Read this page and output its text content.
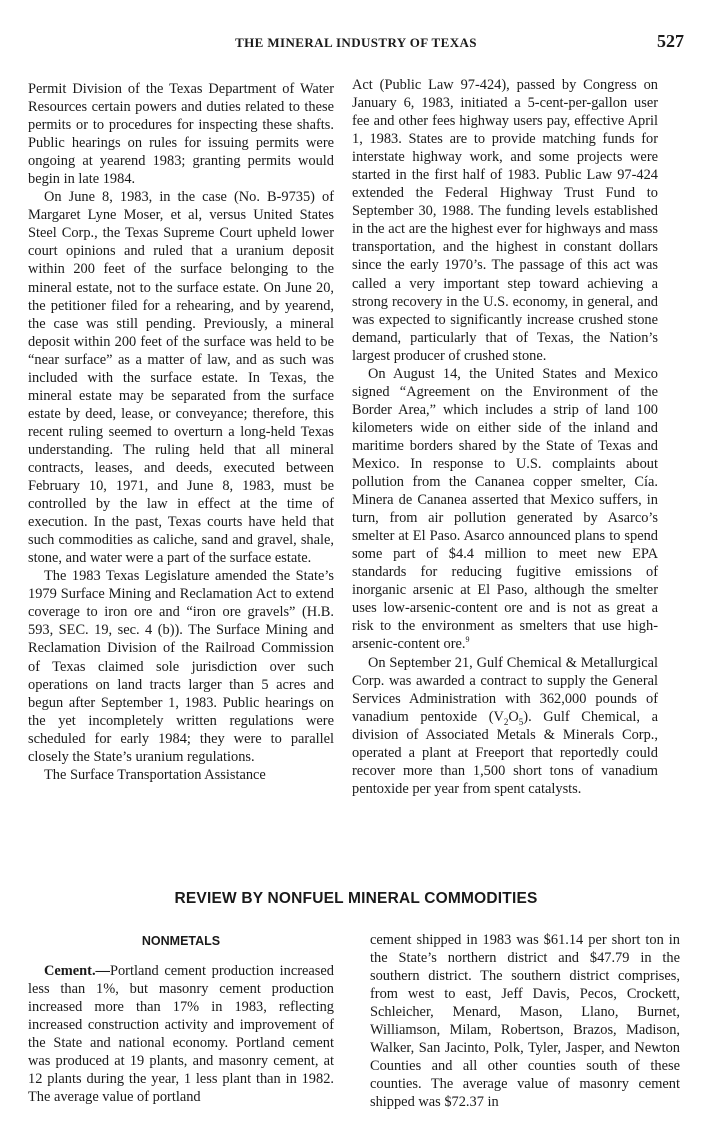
THE MINERAL INDUSTRY OF TEXAS	527

Permit Division of the Texas Department of Water Resources certain powers and duties related to these permits or to procedures for inspecting these shafts. Public hearings on rules for issuing permits were ongoing at yearend 1983; granting permits would begin in late 1984.

On June 8, 1983, in the case (No. B-9735) of Margaret Lyne Moser, et al, versus United States Steel Corp., the Texas Supreme Court upheld lower court opinions and ruled that a uranium deposit within 200 feet of the surface belonging to the mineral estate, not to the surface estate. On June 20, the petitioner filed for a rehearing, and by yearend, the case was still pending. Previously, a mineral deposit within 200 feet of the surface was held to be “near surface” as a matter of law, and as such was included with the surface estate. In Texas, the mineral estate may be separated from the surface estate by deed, lease, or conveyance; therefore, this recent ruling seemed to overturn a long-held Texas understanding. The ruling held that all mineral contracts, leases, and deeds, executed between February 10, 1971, and June 8, 1983, must be controlled by the law in effect at the time of execution. In the past, Texas courts have held that such commodities as caliche, sand and gravel, shale, stone, and water were a part of the surface estate.

The 1983 Texas Legislature amended the State’s 1979 Surface Mining and Reclamation Act to extend coverage to iron ore and “iron ore gravels” (H.B. 593, SEC. 19, sec. 4 (b)). The Surface Mining and Reclamation Division of the Railroad Commission of Texas claimed sole jurisdiction over such operations on land tracts larger than 5 acres and begun after September 1, 1983. Public hearings on the yet incompletely written regulations were scheduled for early 1984; they were to parallel closely the State’s uranium regulations.

The Surface Transportation Assistance

Act (Public Law 97-424), passed by Congress on January 6, 1983, initiated a 5-cent-per-gallon user fee and other fees highway users pay, effective April 1, 1983. States are to provide matching funds for interstate highway work, and some projects were started in the first half of 1983. Public Law 97-424 extended the Federal Highway Trust Fund to September 30, 1988. The funding levels established in the act are the highest ever for highways and mass transportation, and the highest in constant dollars since the early 1970’s. The passage of this act was called a very important step toward achieving a strong recovery in the U.S. economy, in general, and was expected to significantly increase crushed stone demand, particularly that of Texas, the Nation’s largest producer of crushed stone.

On August 14, the United States and Mexico signed “Agreement on the Environment of the Border Area,” which includes a strip of land 100 kilometers wide on either side of the inland and maritime borders shared by the State of Texas and Mexico. In response to U.S. complaints about pollution from the Cananea copper smelter, Cía. Minera de Cananea asserted that Mexico suffers, in turn, from air pollution generated by Asarco’s smelter at El Paso. Asarco announced plans to spend some part of $4.4 million to meet new EPA standards for reducing fugitive emissions of inorganic arsenic at El Paso, although the smelter uses low-arsenic-content ore and is not as great a risk to the environment as smelters that use high-arsenic-content ore.$^9$

On September 21, Gulf Chemical & Metallurgical Corp. was awarded a contract to supply the General Services Administration with 362,000 pounds of vanadium pentoxide $(V_2O_5)$. Gulf Chemical, a division of Associated Metals & Minerals Corp., operated a plant at Freeport that reportedly could recover more than 1,500 short tons of vanadium pentoxide per year from spent catalysts.

REVIEW BY NONFUEL MINERAL COMMODITIES
NONMETALS

Cement.—Portland cement production increased less than 1%, but masonry cement production increased more than 17% in 1983, reflecting increased construction activity and improvement of the State and national economy. Portland cement was produced at 19 plants, and masonry cement, at 12 plants during the year, 1 less plant than in 1982. The average value of portland

cement shipped in 1983 was $61.14 per short ton in the State’s northern district and $47.79 in the southern district. The southern district comprises, from west to east, Jeff Davis, Pecos, Crockett, Schleicher, Menard, Mason, Llano, Burnet, Williamson, Milam, Robertson, Brazos, Madison, Walker, San Jacinto, Polk, Tyler, Jasper, and Newton Counties and all other counties south of these counties. The average value of masonry cement shipped was $72.37 in
